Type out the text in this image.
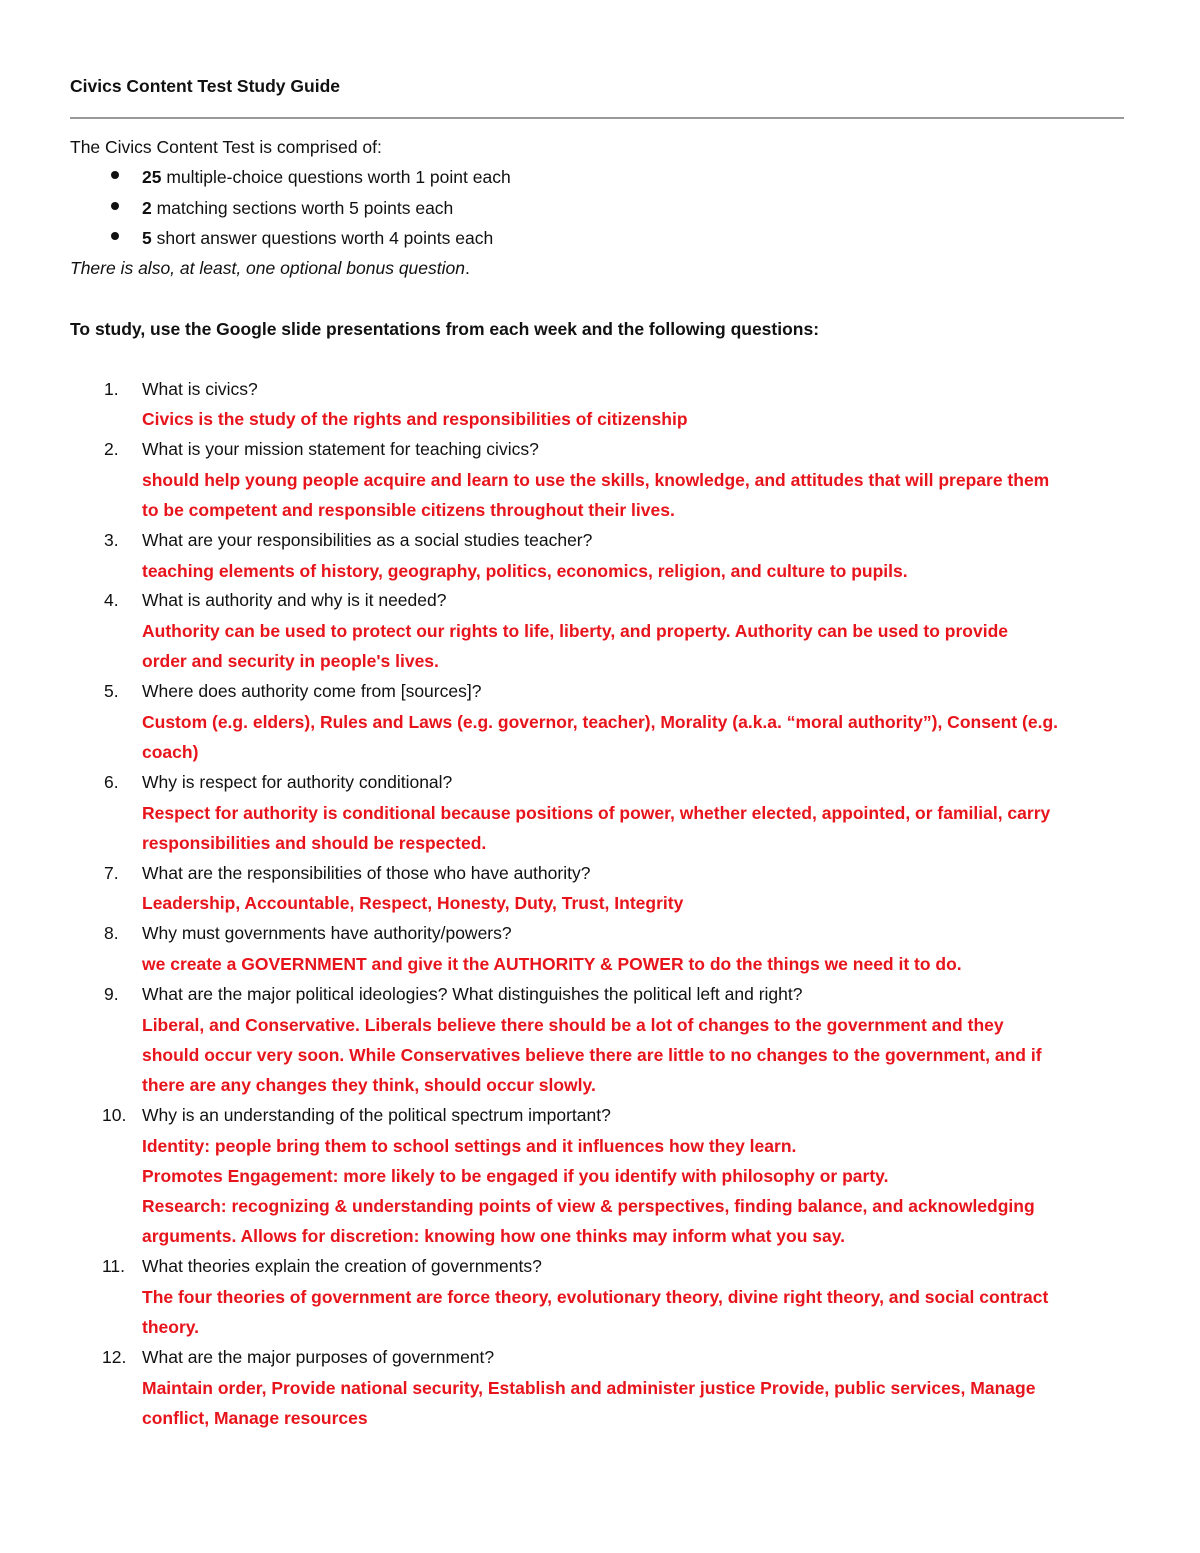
Civics Content Test Study Guide
The Civics Content Test is comprised of:
25 multiple-choice questions worth 1 point each
2 matching sections worth 5 points each
5 short answer questions worth 4 points each
There is also, at least, one optional bonus question.
To study, use the Google slide presentations from each week and the following questions:
1. What is civics?
Civics is the study of the rights and responsibilities of citizenship
2. What is your mission statement for teaching civics?
should help young people acquire and learn to use the skills, knowledge, and attitudes that will prepare them
to be competent and responsible citizens throughout their lives.
3. What are your responsibilities as a social studies teacher?
teaching elements of history, geography, politics, economics, religion, and culture to pupils.
4. What is authority and why is it needed?
Authority can be used to protect our rights to life, liberty, and property. Authority can be used to provide
order and security in people's lives.
5. Where does authority come from [sources]?
Custom (e.g. elders), Rules and Laws (e.g. governor, teacher), Morality (a.k.a. “moral authority”), Consent (e.g.
coach)
6. Why is respect for authority conditional?
Respect for authority is conditional because positions of power, whether elected, appointed, or familial, carry
responsibilities and should be respected.
7. What are the responsibilities of those who have authority?
Leadership, Accountable, Respect, Honesty, Duty, Trust, Integrity
8. Why must governments have authority/powers?
we create a GOVERNMENT and give it the AUTHORITY & POWER to do the things we need it to do.
9. What are the major political ideologies? What distinguishes the political left and right?
Liberal, and Conservative. Liberals believe there should be a lot of changes to the government and they
should occur very soon. While Conservatives believe there are little to no changes to the government, and if
there are any changes they think, should occur slowly.
10. Why is an understanding of the political spectrum important?
Identity: people bring them to school settings and it influences how they learn.
Promotes Engagement: more likely to be engaged if you identify with philosophy or party.
Research: recognizing & understanding points of view & perspectives, finding balance, and acknowledging
arguments. Allows for discretion: knowing how one thinks may inform what you say.
11. What theories explain the creation of governments?
The four theories of government are force theory, evolutionary theory, divine right theory, and social contract
theory.
12. What are the major purposes of government?
Maintain order, Provide national security, Establish and administer justice Provide, public services, Manage
conflict, Manage resources
